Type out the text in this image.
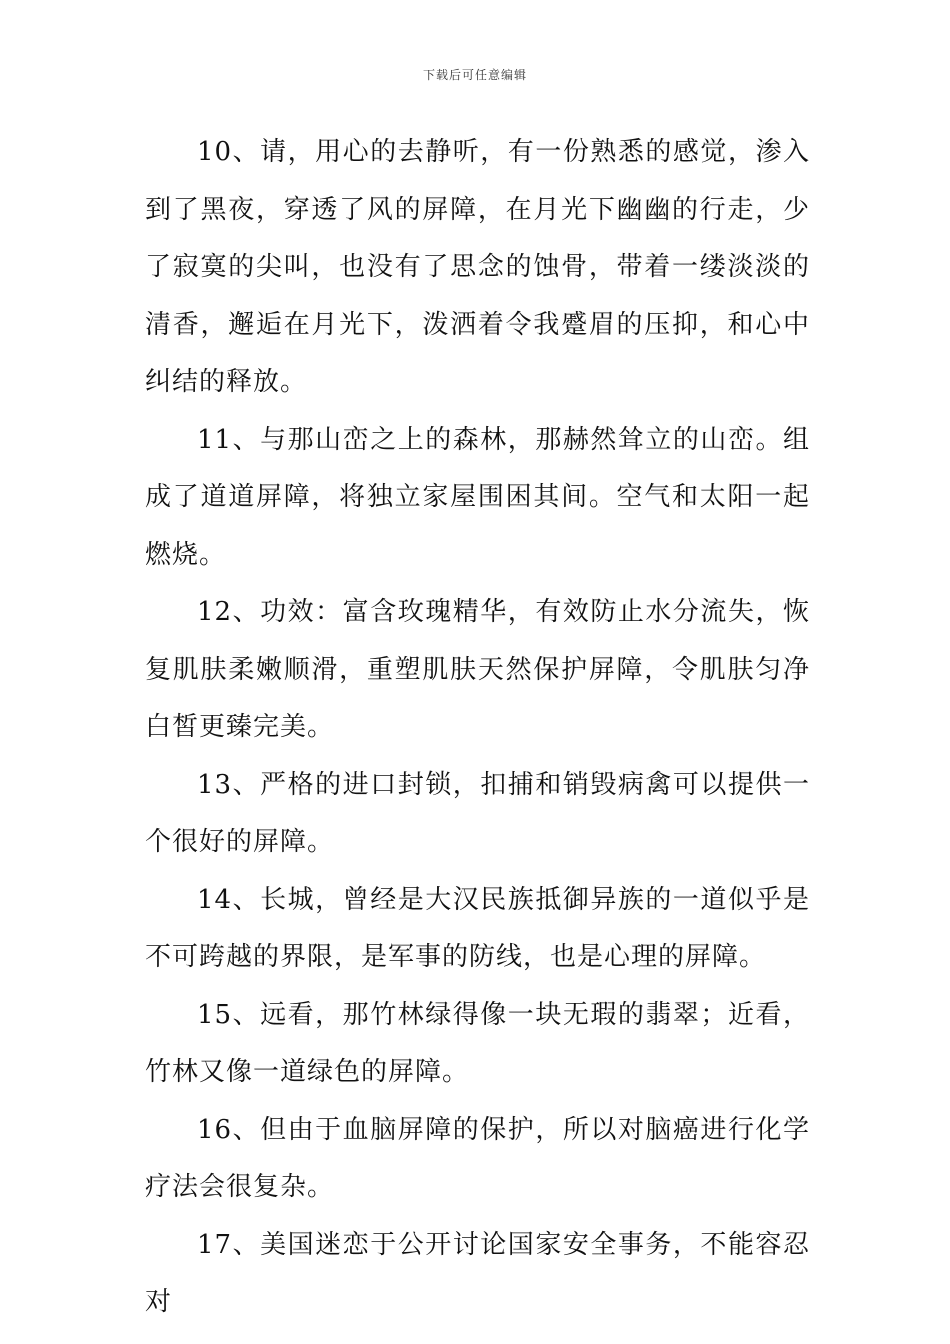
下载后可任意编辑

10、请，用心的去静听，有一份熟悉的感觉，渗入到了黑夜，穿透了风的屏障，在月光下幽幽的行走，少了寂寞的尖叫，也没有了思念的蚀骨，带着一缕淡淡的清香，邂逅在月光下，泼洒着令我蹙眉的压抑，和心中纠结的释放。

11、与那山峦之上的森林，那赫然耸立的山峦。组成了道道屏障，将独立家屋围困其间。空气和太阳一起燃烧。

12、功效：富含玫瑰精华，有效防止水分流失，恢复肌肤柔嫩顺滑，重塑肌肤天然保护屏障，令肌肤匀净白皙更臻完美。

13、严格的进口封锁，扣捕和销毁病禽可以提供一个很好的屏障。

14、长城，曾经是大汉民族抵御异族的一道似乎是不可跨越的界限，是军事的防线，也是心理的屏障。

15、远看，那竹林绿得像一块无瑕的翡翠；近看，竹林又像一道绿色的屏障。

16、但由于血脑屏障的保护，所以对脑癌进行化学疗法会很复杂。

17、美国迷恋于公开讨论国家安全事务，不能容忍对
